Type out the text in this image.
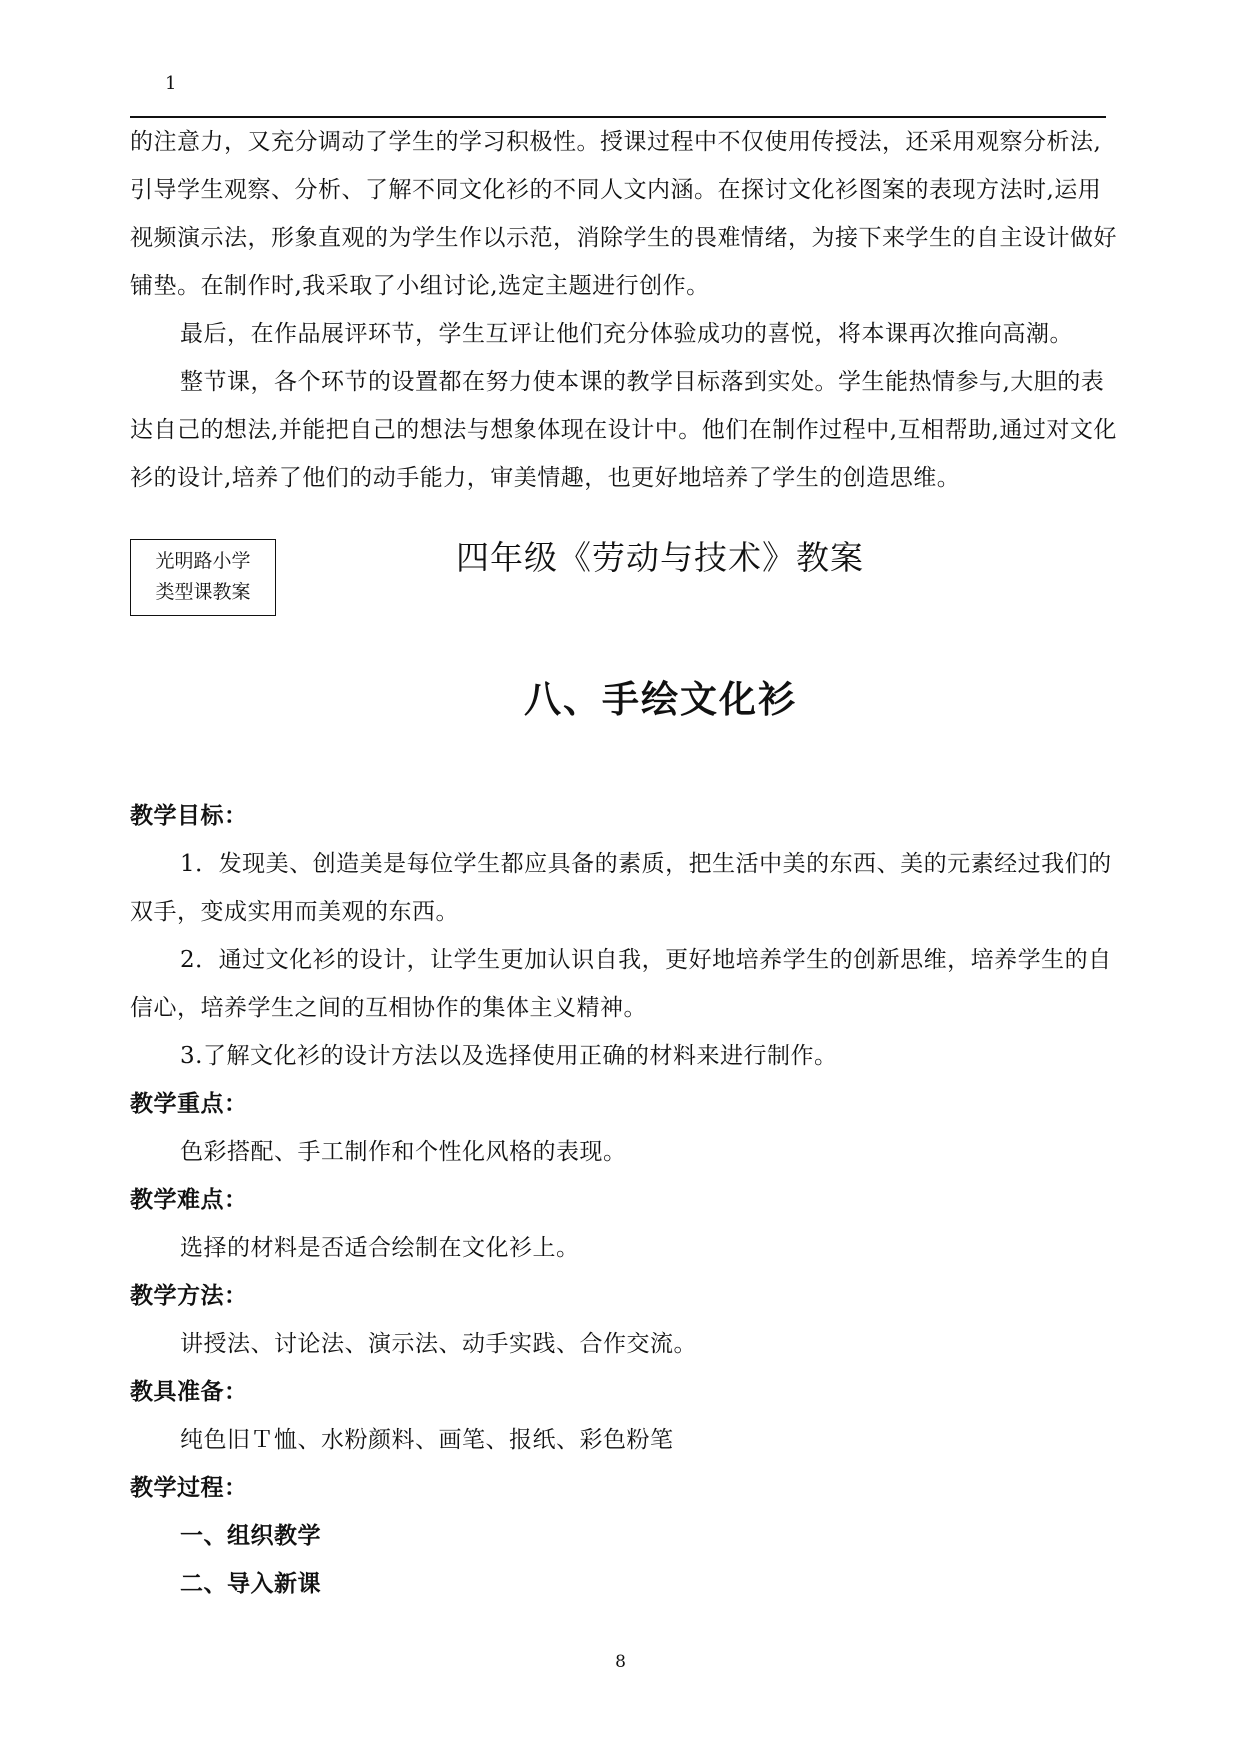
1

的注意力，又充分调动了学生的学习积极性。授课过程中不仅使用传授法，还采用观察分析法,引导学生观察、分析、了解不同文化衫的不同人文内涵。在探讨文化衫图案的表现方法时,运用视频演示法，形象直观的为学生作以示范，消除学生的畏难情绪，为接下来学生的自主设计做好铺垫。在制作时,我采取了小组讨论,选定主题进行创作。

最后，在作品展评环节，学生互评让他们充分体验成功的喜悦，将本课再次推向高潮。

整节课，各个环节的设置都在努力使本课的教学目标落到实处。学生能热情参与,大胆的表达自己的想法,并能把自己的想法与想象体现在设计中。他们在制作过程中,互相帮助,通过对文化衫的设计,培养了他们的动手能力，审美情趣，也更好地培养了学生的创造思维。

光明路小学
类型课教案
四年级《劳动与技术》教案
八、手绘文化衫

教学目标：

1．发现美、创造美是每位学生都应具备的素质，把生活中美的东西、美的元素经过我们的双手，变成实用而美观的东西。

2．通过文化衫的设计，让学生更加认识自我，更好地培养学生的创新思维，培养学生的自信心，培养学生之间的互相协作的集体主义精神。

3.了解文化衫的设计方法以及选择使用正确的材料来进行制作。

教学重点：

色彩搭配、手工制作和个性化风格的表现。

教学难点：

选择的材料是否适合绘制在文化衫上。

教学方法：

讲授法、讨论法、演示法、动手实践、合作交流。

教具准备：

纯色旧Ｔ恤、水粉颜料、画笔、报纸、彩色粉笔

教学过程：

一、组织教学

二、导入新课

8
